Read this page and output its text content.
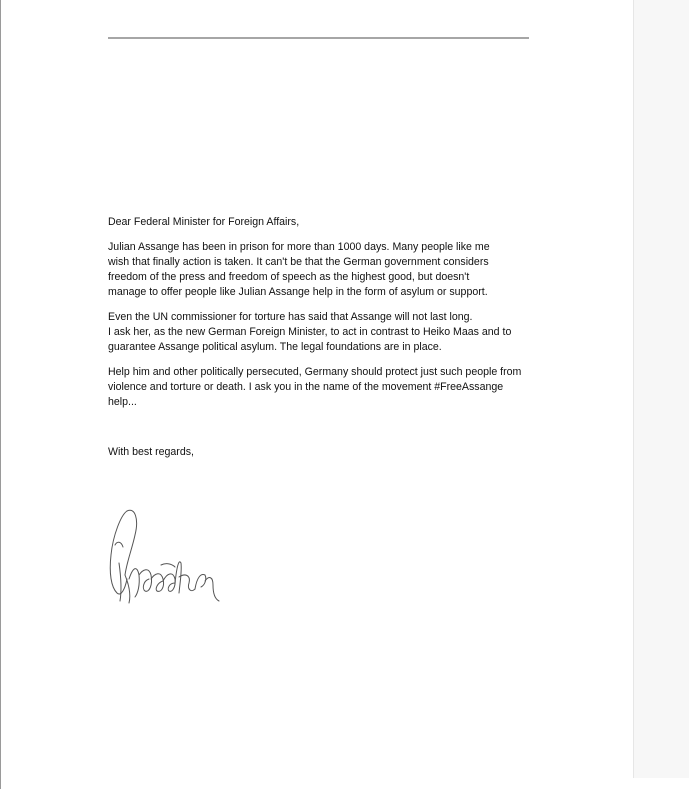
Dear Federal Minister for Foreign Affairs,
Julian Assange has been in prison for more than 1000 days. Many people like me
wish that finally action is taken. It can't be that the German government considers
freedom of the press and freedom of speech as the highest good, but doesn't
manage to offer people like Julian Assange help in the form of asylum or support.
Even the UN commissioner for torture has said that Assange will not last long.
I ask her, as the new German Foreign Minister, to act in contrast to Heiko Maas and to
guarantee Assange political asylum. The legal foundations are in place.
Help him and other politically persecuted, Germany should protect just such people from
violence and torture or death. I ask you in the name of the movement #FreeAssange
help...
With best regards,
